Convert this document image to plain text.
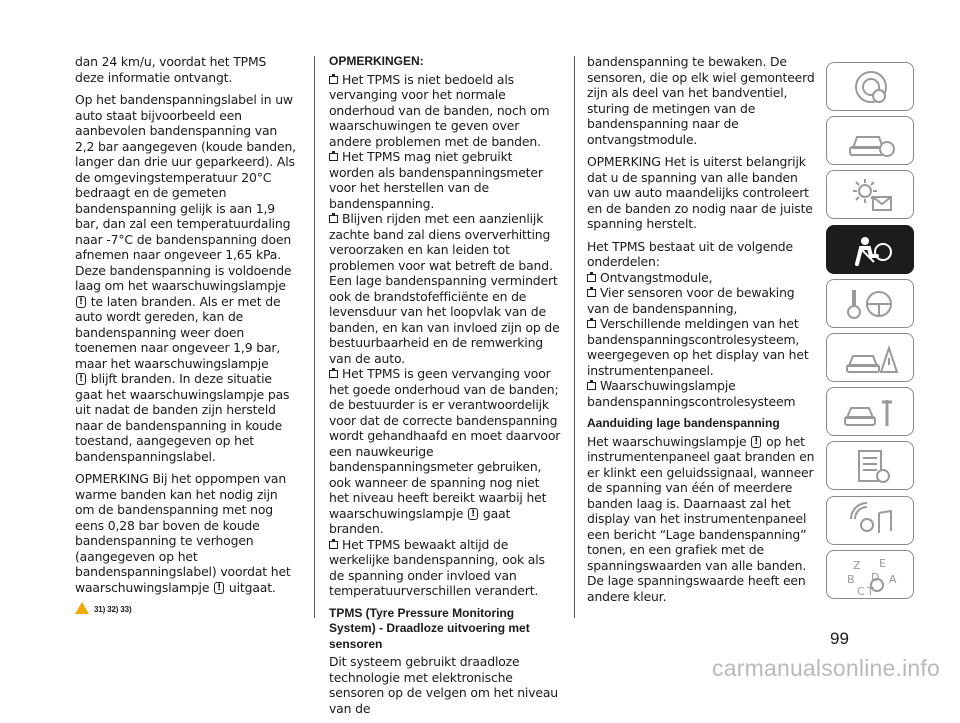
dan 24 km/u, voordat het TPMS deze informatie ontvangt.

Op het bandenspanningslabel in uw auto staat bijvoorbeeld een aanbevolen bandenspanning van 2,2 bar aangegeven (koude banden, langer dan drie uur geparkeerd). Als de omgevingstemperatuur 20°C bedraagt en de gemeten bandenspanning gelijk is aan 1,9 bar, dan zal een temperatuurdaling naar -7°C de bandenspanning doen afnemen naar ongeveer 1,65 kPa. Deze bandenspanning is voldoende laag om het waarschuwingslampje ! te laten branden. Als er met de auto wordt gereden, kan de bandenspanning weer doen toenemen naar ongeveer 1,9 bar, maar het waarschuwingslampje
! blijft branden. In deze situatie gaat het waarschuwingslampje pas uit nadat de banden zijn hersteld naar de bandenspanning in koude toestand, aangegeven op het bandenspanningslabel.

OPMERKING Bij het oppompen van warme banden kan het nodig zijn om de bandenspanning met nog eens 0,28 bar boven de koude bandenspanning te verhogen (aangegeven op het bandenspanningslabel) voordat het waarschuwingslampje ! uitgaat.

31) 32) 33)
OPMERKINGEN:

Het TPMS is niet bedoeld als vervanging voor het normale onderhoud van de banden, noch om waarschuwingen te geven over andere problemen met de banden.

Het TPMS mag niet gebruikt worden als bandenspanningsmeter voor het herstellen van de bandenspanning.

Blijven rijden met een aanzienlijk zachte band zal diens oververhitting veroorzaken en kan leiden tot problemen voor wat betreft de band. Een lage bandenspanning vermindert ook de brandstofefficiënte en de levensduur van het loopvlak van de banden, en kan van invloed zijn op de bestuurbaarheid en de remwerking van de auto.

Het TPMS is geen vervanging voor het goede onderhoud van de banden; de bestuurder is er verantwoordelijk voor dat de correcte bandenspanning wordt gehandhaafd en moet daarvoor een nauwkeurige bandenspanningsmeter gebruiken, ook wanneer de spanning nog niet het niveau heeft bereikt waarbij het waarschuwingslampje ! gaat branden.

Het TPMS bewaakt altijd de werkelijke bandenspanning, ook als de spanning onder invloed van temperatuurverschillen verandert.

TPMS (Tyre Pressure Monitoring System) - Draadloze uitvoering met sensoren

Dit systeem gebruikt draadloze technologie met elektronische sensoren op de velgen om het niveau van de

bandenspanning te bewaken. De sensoren, die op elk wiel gemonteerd zijn als deel van het bandventiel, sturing de metingen van de bandenspanning naar de ontvangstmodule.

OPMERKING Het is uiterst belangrijk dat u de spanning van alle banden van uw auto maandelijks controleert en de banden zo nodig naar de juiste spanning herstelt.

Het TPMS bestaat uit de volgende onderdelen:

Ontvangstmodule,
Vier sensoren voor de bewaking van de bandenspanning,
Verschillende meldingen van het bandenspanningscontrolesysteem, weergegeven op het display van het instrumentenpaneel.
Waarschuwingslampje bandenspanningscontrolesysteem
Aanduiding lage bandenspanning

Het waarschuwingslampje ! op het instrumentenpaneel gaat branden en er klinkt een geluidssignaal, wanneer de spanning van één of meerdere banden laag is. Daarnaast zal het display van het instrumentenpaneel een bericht “Lage bandenspanning” tonen, en een grafiek met de spanningswaarden van alle banden. De lage spanningswaarde heeft een andere kleur.

Z E
B D A
C T
99
carmanualsonline.info
